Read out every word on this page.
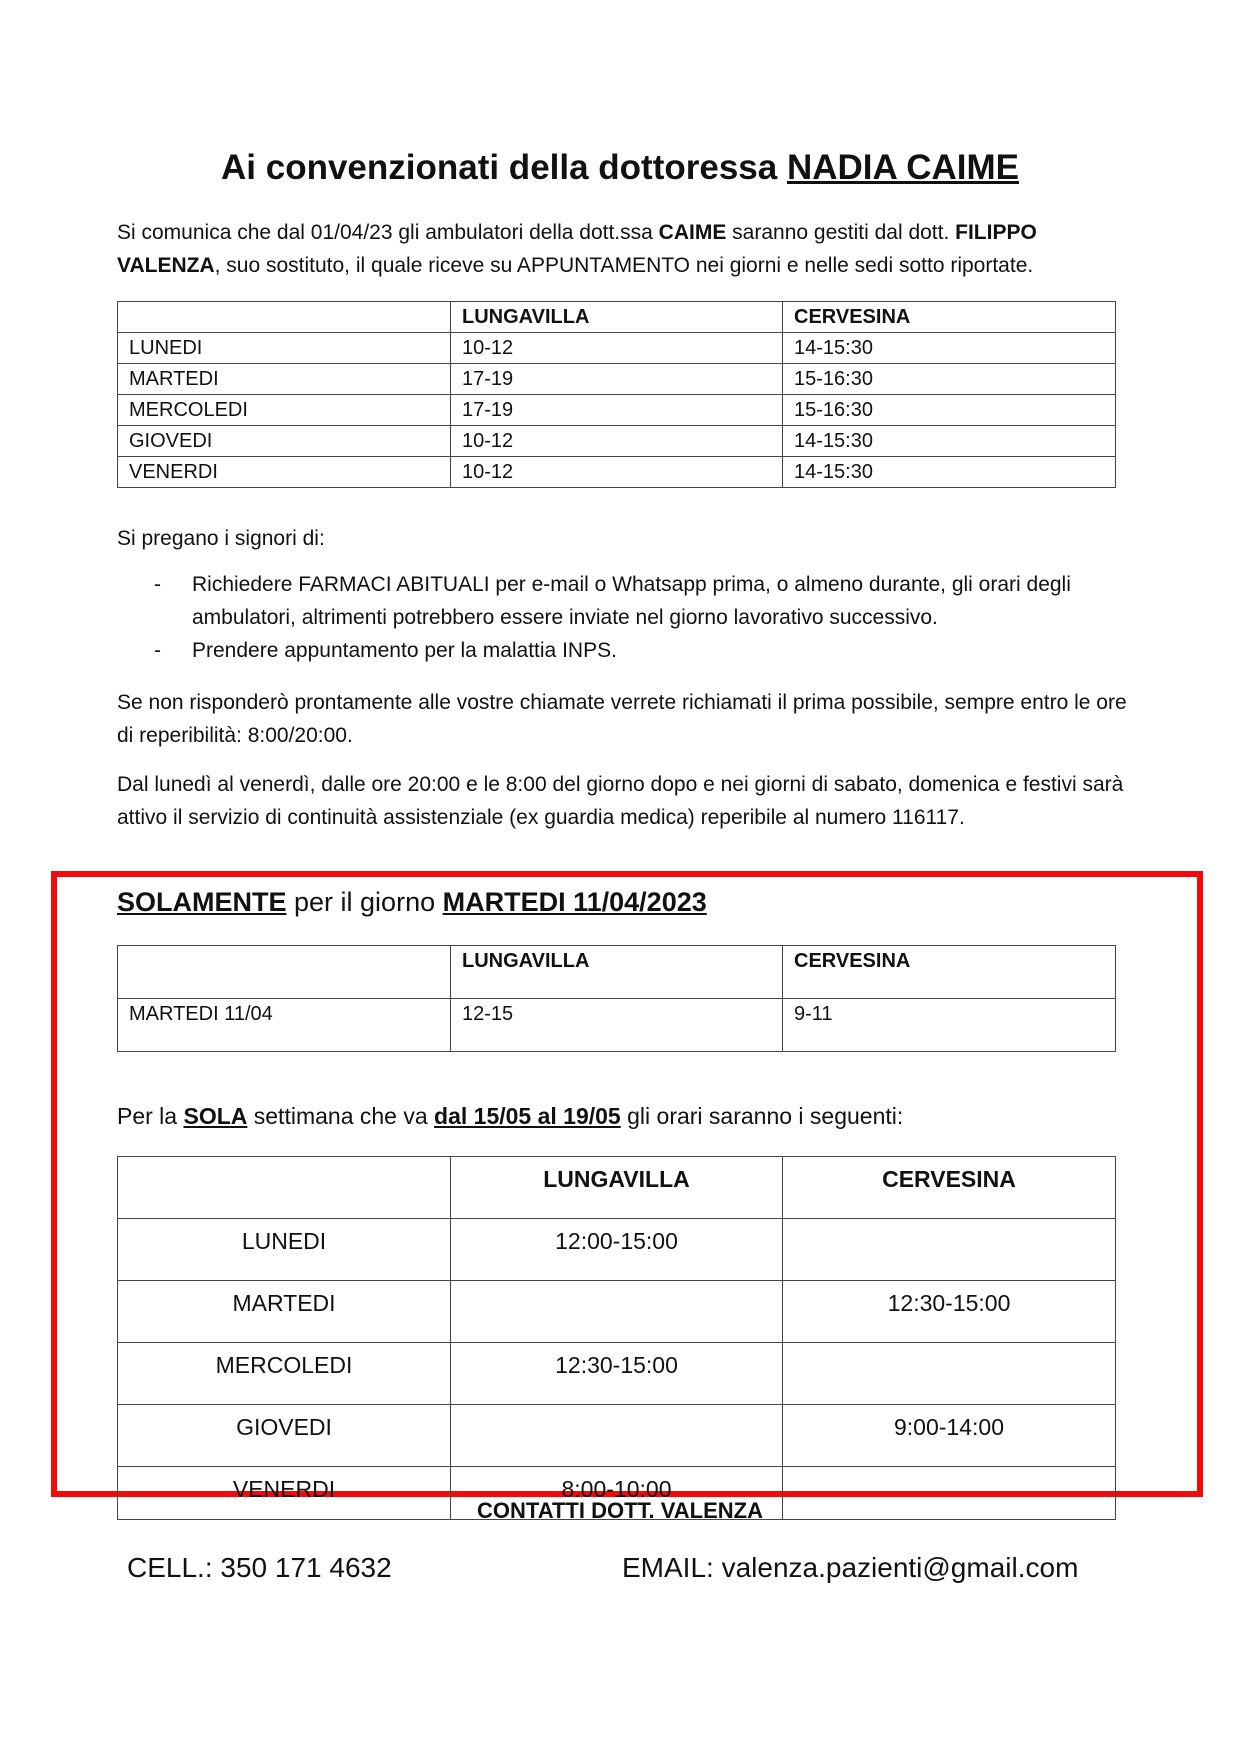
Ai convenzionati della dottoressa NADIA CAIME
Si comunica che dal 01/04/23 gli ambulatori della dott.ssa CAIME saranno gestiti dal dott. FILIPPO VALENZA, suo sostituto, il quale riceve su APPUNTAMENTO nei giorni e nelle sedi sotto riportate.
	LUNGAVILLA	CERVESINA
LUNEDI	10-12	14-15:30
MARTEDI	17-19	15-16:30
MERCOLEDI	17-19	15-16:30
GIOVEDI	10-12	14-15:30
VENERDI	10-12	14-15:30
Si pregano i signori di:
- Richiedere FARMACI ABITUALI per e-mail o Whatsapp prima, o almeno durante, gli orari degli ambulatori, altrimenti potrebbero essere inviate nel giorno lavorativo successivo.
- Prendere appuntamento per la malattia INPS.
Se non risponderò prontamente alle vostre chiamate verrete richiamati il prima possibile, sempre entro le ore di reperibilità: 8:00/20:00.
Dal lunedì al venerdì, dalle ore 20:00 e le 8:00 del giorno dopo e nei giorni di sabato, domenica e festivi sarà attivo il servizio di continuità assistenziale (ex guardia medica) reperibile al numero 116117.
SOLAMENTE per il giorno MARTEDI 11/04/2023
	LUNGAVILLA	CERVESINA
MARTEDI 11/04	12-15	9-11
Per la SOLA settimana che va dal 15/05 al 19/05 gli orari saranno i seguenti:
	LUNGAVILLA	CERVESINA
LUNEDI	12:00-15:00	
MARTEDI		12:30-15:00
MERCOLEDI	12:30-15:00	
GIOVEDI		9:00-14:00
VENERDI	8:00-10:00	
CONTATTI DOTT. VALENZA
CELL.: 350 171 4632	EMAIL: valenza.pazienti@gmail.com
